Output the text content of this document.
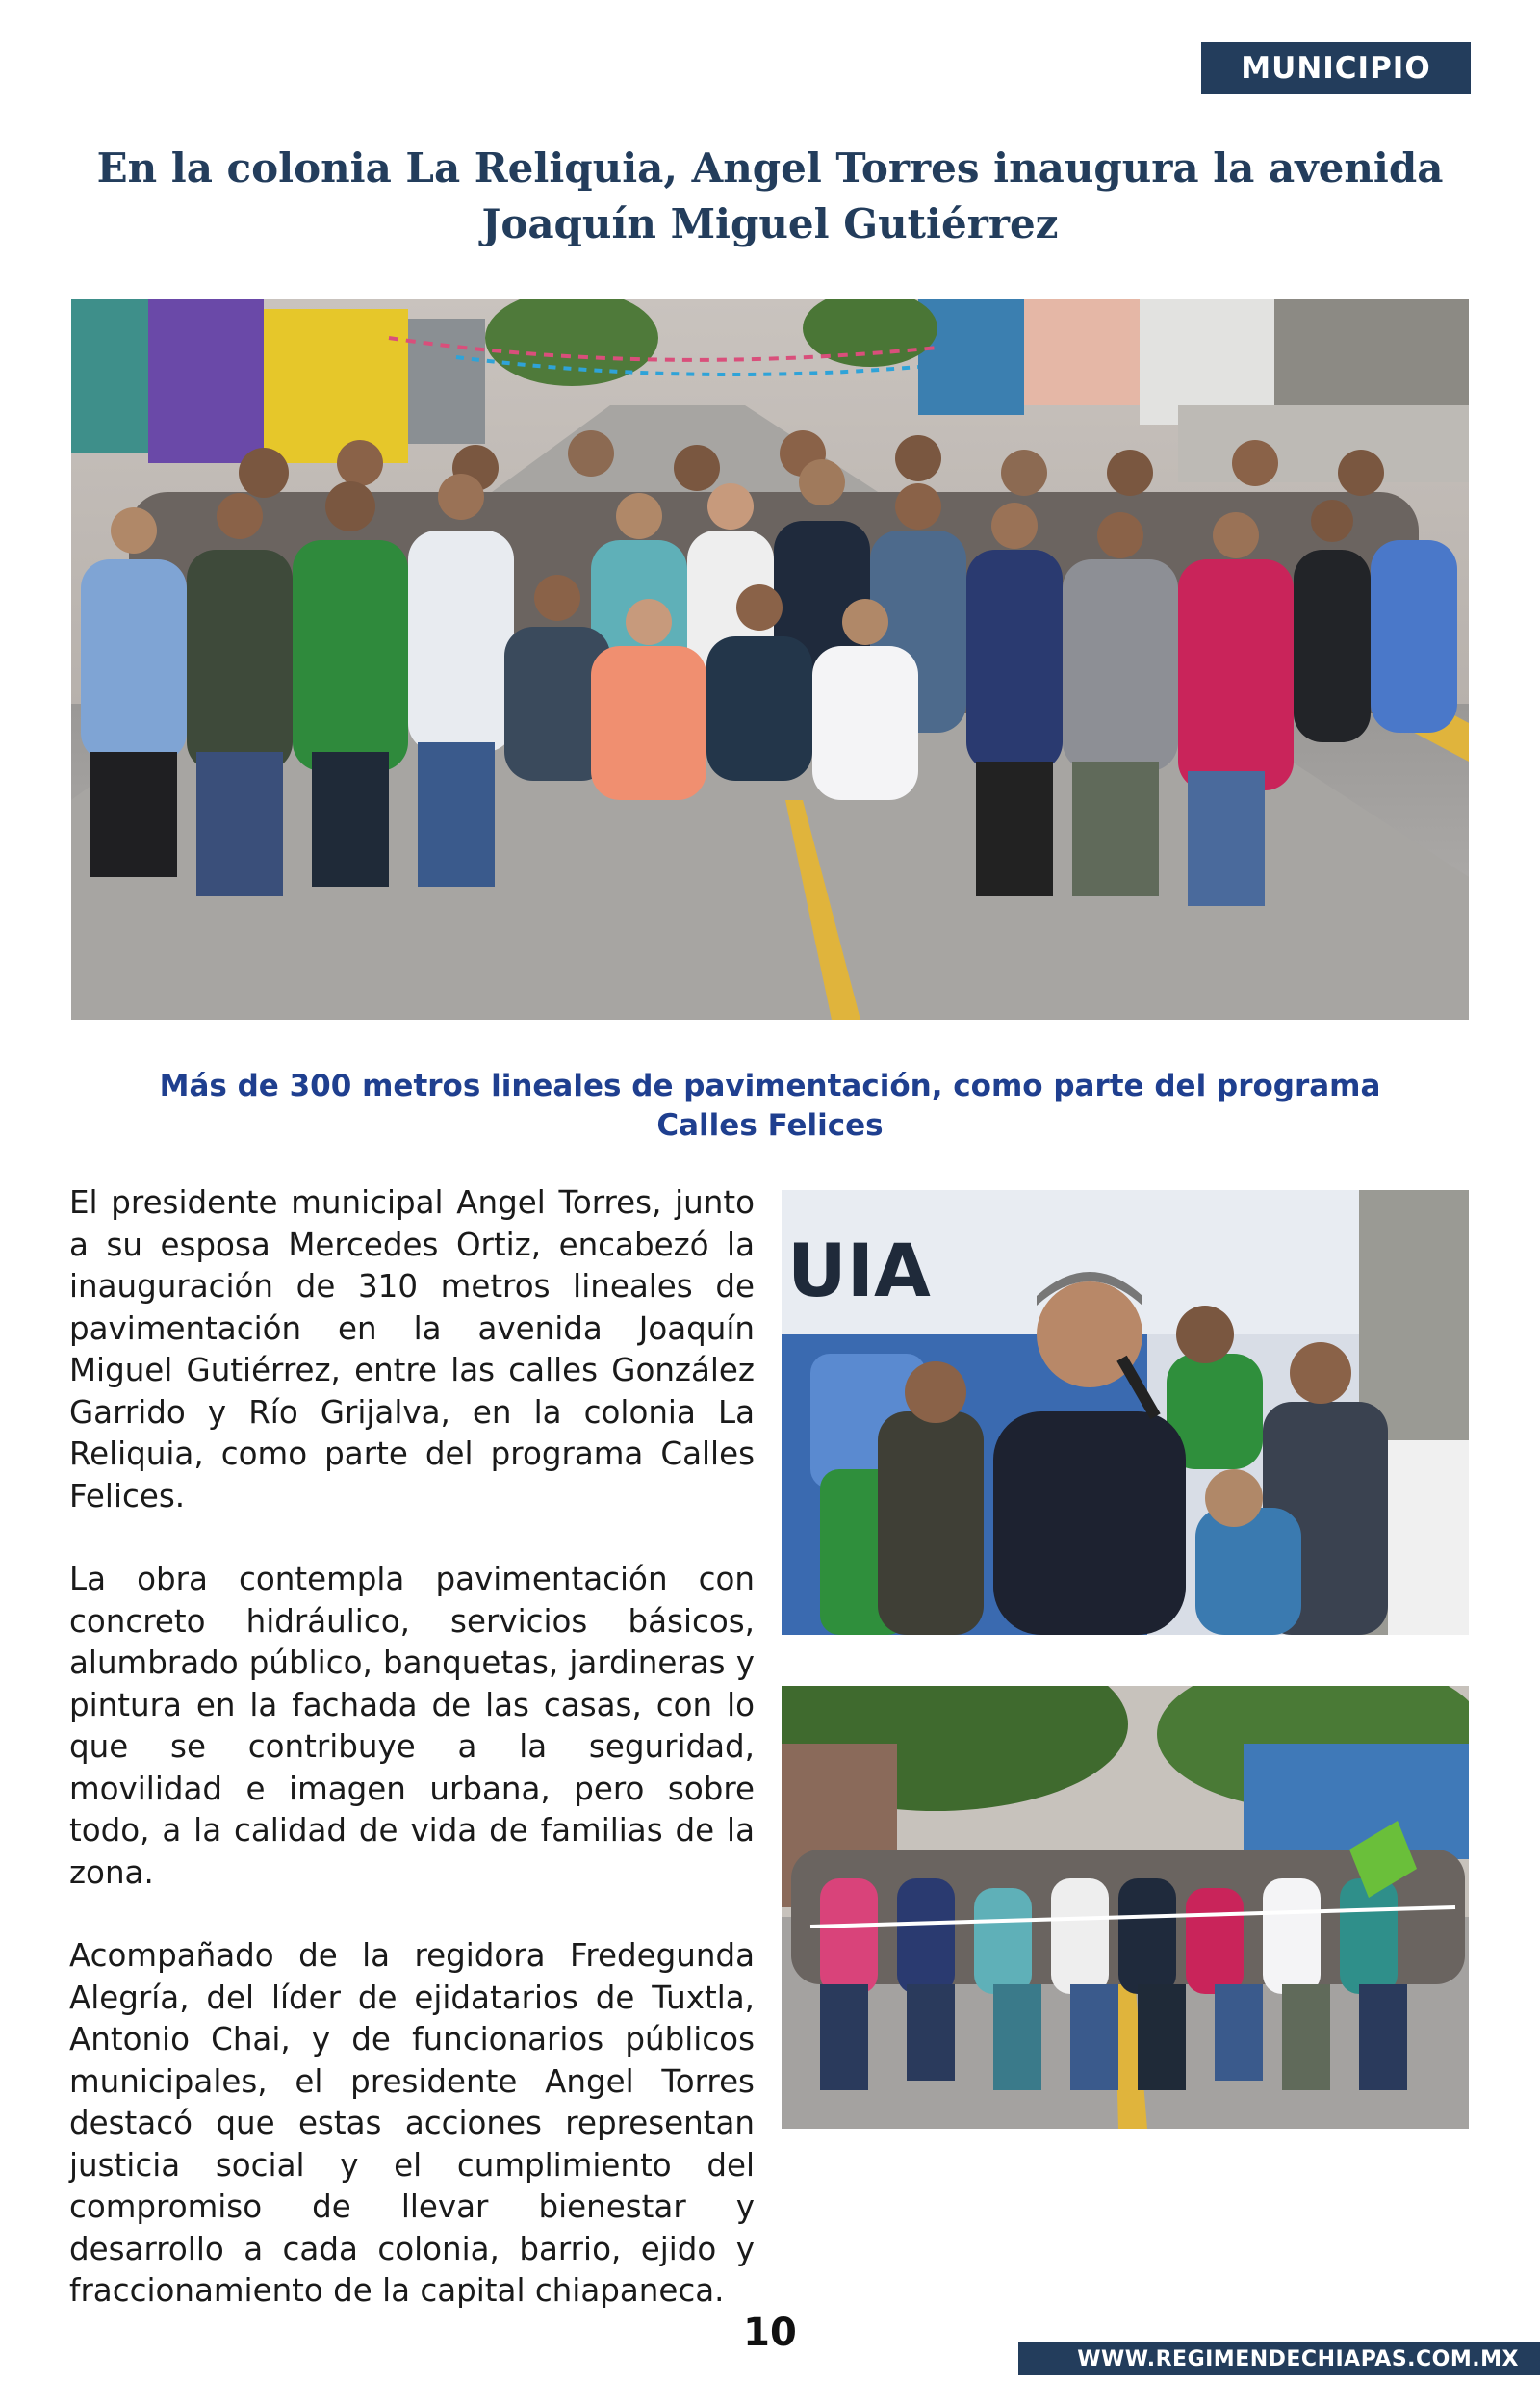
MUNICIPIO
En la colonia La Reliquia, Angel Torres inaugura la avenida Joaquín Miguel Gutiérrez

Más de 300 metros lineales de pavimentación, como parte del programa Calles Felices

El presidente municipal Angel Torres, junto a su esposa Mercedes Ortiz, encabezó la inauguración de 310 metros lineales de pavimentación en la avenida Joaquín Miguel Gutiérrez, entre las calles González Garrido y Río Grijalva, en la colonia La Reliquia, como parte del programa Calles Felices.

La obra contempla pavimentación con concreto hidráulico, servicios básicos, alumbrado público, banquetas, jardineras y pintura en la fachada de las casas, con lo que se contribuye a la seguridad, movilidad e imagen urbana, pero sobre todo, a la calidad de vida de familias de la zona.

Acompañado de la regidora Fredegunda Alegría, del líder de ejidatarios de Tuxtla, Antonio Chai, y de funcionarios públicos municipales, el presidente Angel Torres destacó que estas acciones representan justicia social y el cumplimiento del compromiso de llevar bienestar y desarrollo a cada colonia, barrio, ejido y fraccionamiento de la capital chiapaneca.

UIA
10
WWW.REGIMENDECHIAPAS.COM.MX
